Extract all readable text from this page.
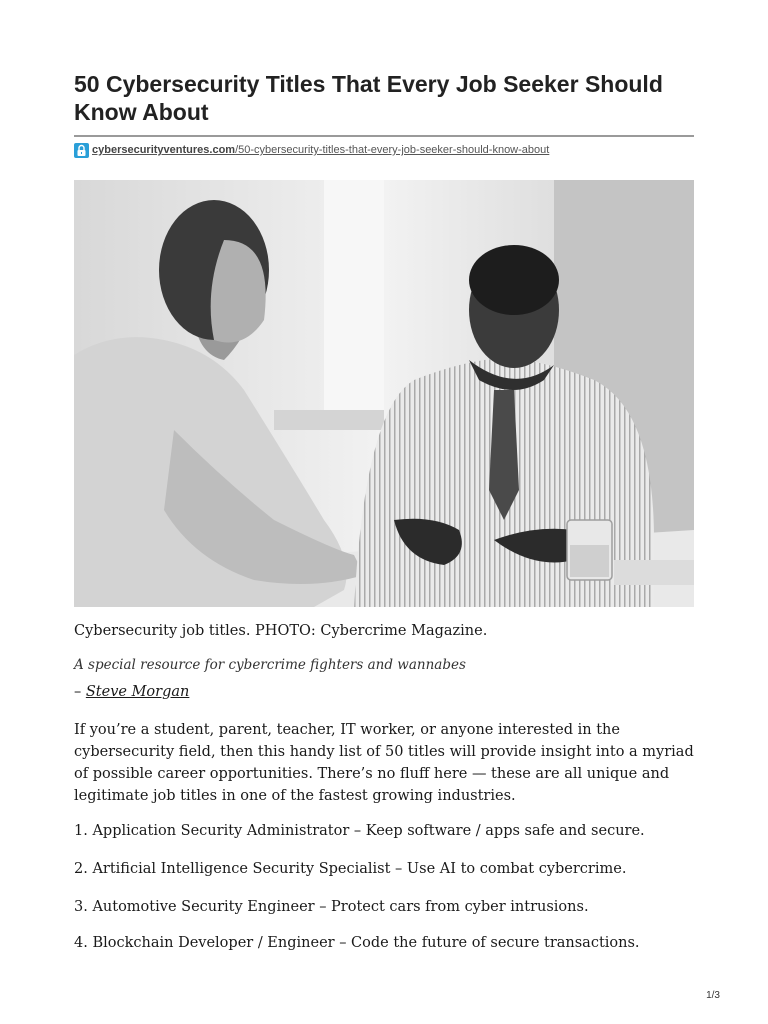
50 Cybersecurity Titles That Every Job Seeker Should Know About
cybersecurityventures.com/50-cybersecurity-titles-that-every-job-seeker-should-know-about
Cybersecurity job titles. PHOTO: Cybercrime Magazine.
A special resource for cybercrime fighters and wannabes
– Steve Morgan

If you’re a student, parent, teacher, IT worker, or anyone interested in the cybersecurity field, then this handy list of 50 titles will provide insight into a myriad of possible career opportunities. There’s no fluff here — these are all unique and legitimate job titles in one of the fastest growing industries.

1. Application Security Administrator – Keep software / apps safe and secure.
2. Artificial Intelligence Security Specialist – Use AI to combat cybercrime.
3. Automotive Security Engineer – Protect cars from cyber intrusions.
4. Blockchain Developer / Engineer – Code the future of secure transactions.
1/3
